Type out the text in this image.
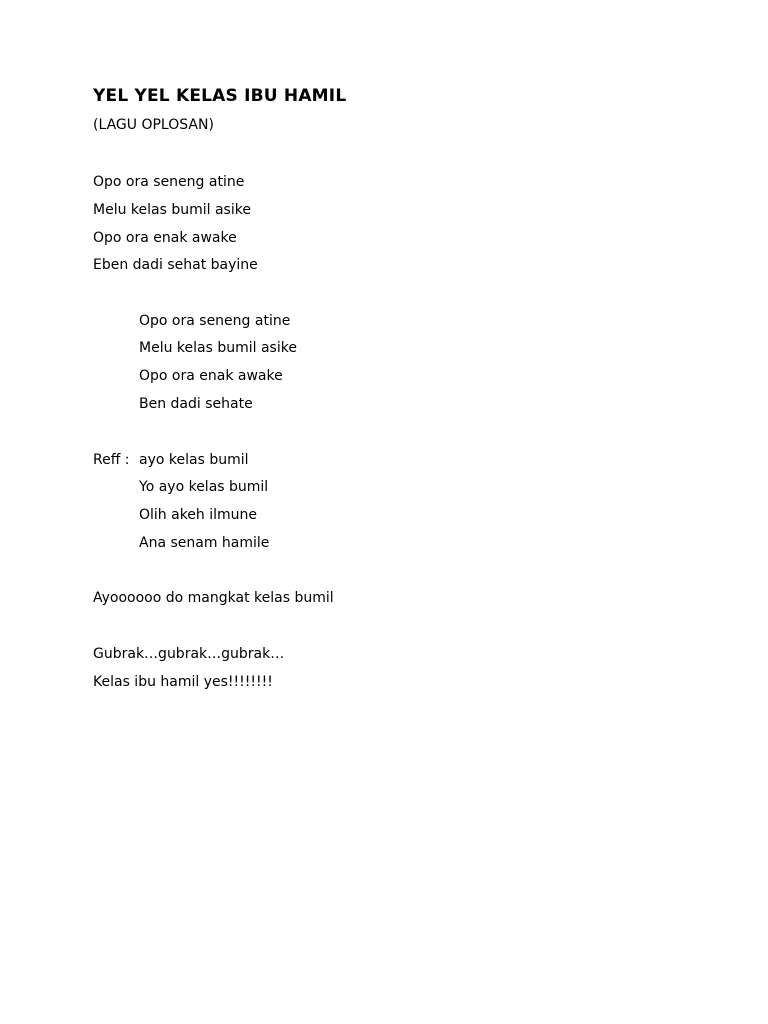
YEL YEL KELAS IBU HAMIL
(LAGU OPLOSAN)
Opo ora seneng atine
Melu kelas bumil asike
Opo ora enak awake
Eben dadi sehat bayine
Opo ora seneng atine
Melu kelas bumil asike
Opo ora enak awake
Ben dadi sehate
Reff : ayo kelas bumil
Yo ayo kelas bumil
Olih akeh ilmune
Ana senam hamile
Ayoooooo do mangkat kelas bumil
Gubrak…gubrak…gubrak…
Kelas ibu hamil yes!!!!!!!!
